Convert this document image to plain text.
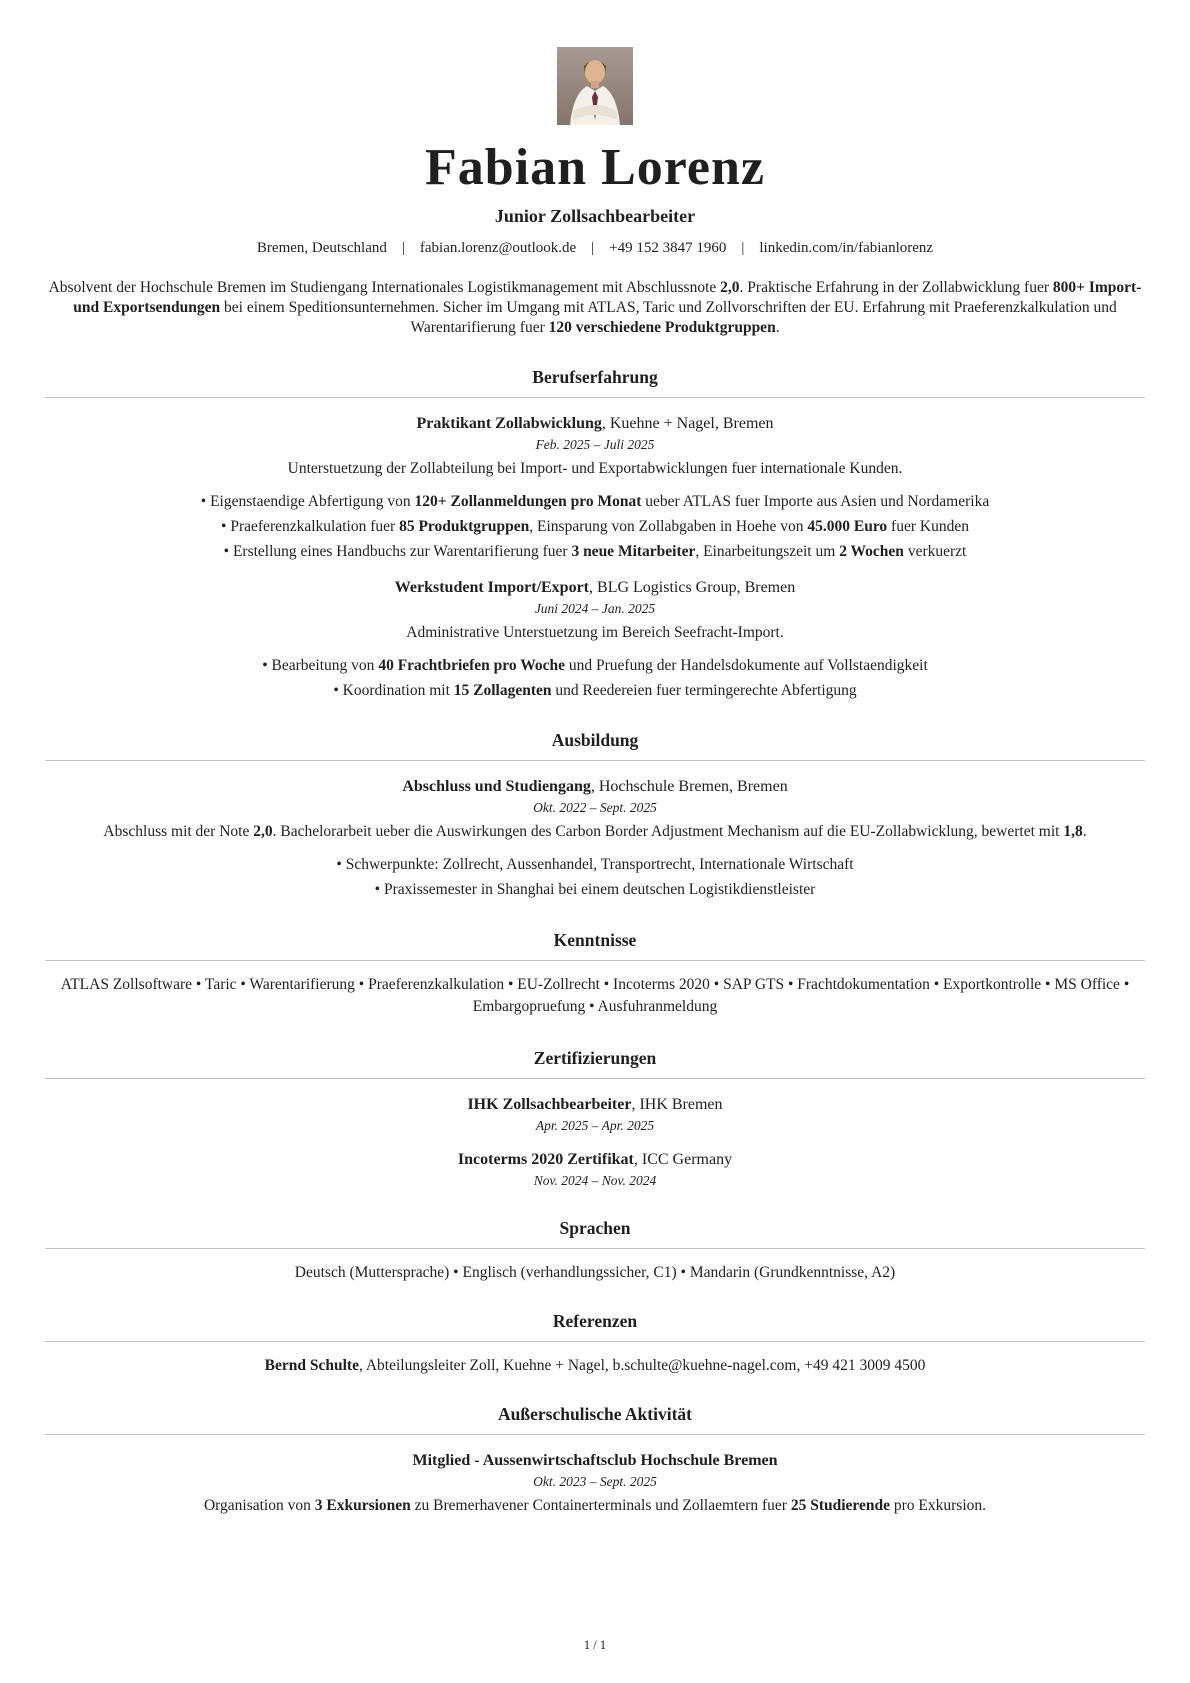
Fabian Lorenz
Junior Zollsachbearbeiter
Bremen, Deutschland | fabian.lorenz@outlook.de | +49 152 3847 1960 | linkedin.com/in/fabianlorenz

Absolvent der Hochschule Bremen im Studiengang Internationales Logistikmanagement mit Abschlussnote 2,0. Praktische Erfahrung in der Zollabwicklung fuer 800+ Import- und Exportsendungen bei einem Speditionsunternehmen. Sicher im Umgang mit ATLAS, Taric und Zollvorschriften der EU. Erfahrung mit Praeferenzkalkulation und Warentarifierung fuer 120 verschiedene Produktgruppen.

Berufserfahrung
Praktikant Zollabwicklung, Kuehne + Nagel, Bremen
Feb. 2025 – Juli 2025

Unterstuetzung der Zollabteilung bei Import- und Exportabwicklungen fuer internationale Kunden.

• Eigenstaendige Abfertigung von 120+ Zollanmeldungen pro Monat ueber ATLAS fuer Importe aus Asien und Nordamerika
• Praeferenzkalkulation fuer 85 Produktgruppen, Einsparung von Zollabgaben in Hoehe von 45.000 Euro fuer Kunden
• Erstellung eines Handbuchs zur Warentarifierung fuer 3 neue Mitarbeiter, Einarbeitungszeit um 2 Wochen verkuerzt
Werkstudent Import/Export, BLG Logistics Group, Bremen
Juni 2024 – Jan. 2025

Administrative Unterstuetzung im Bereich Seefracht-Import.

• Bearbeitung von 40 Frachtbriefen pro Woche und Pruefung der Handelsdokumente auf Vollstaendigkeit
• Koordination mit 15 Zollagenten und Reedereien fuer termingerechte Abfertigung
Ausbildung
Abschluss und Studiengang, Hochschule Bremen, Bremen
Okt. 2022 – Sept. 2025

Abschluss mit der Note 2,0. Bachelorarbeit ueber die Auswirkungen des Carbon Border Adjustment Mechanism auf die EU-Zollabwicklung, bewertet mit 1,8.

• Schwerpunkte: Zollrecht, Aussenhandel, Transportrecht, Internationale Wirtschaft
• Praxissemester in Shanghai bei einem deutschen Logistikdienstleister
Kenntnisse

ATLAS Zollsoftware • Taric • Warentarifierung • Praeferenzkalkulation • EU-Zollrecht • Incoterms 2020 • SAP GTS • Frachtdokumentation • Exportkontrolle • MS Office • Embargopruefung • Ausfuhranmeldung

Zertifizierungen
IHK Zollsachbearbeiter, IHK Bremen
Apr. 2025 – Apr. 2025
Incoterms 2020 Zertifikat, ICC Germany
Nov. 2024 – Nov. 2024
Sprachen

Deutsch (Muttersprache) • Englisch (verhandlungssicher, C1) • Mandarin (Grundkenntnisse, A2)

Referenzen

Bernd Schulte, Abteilungsleiter Zoll, Kuehne + Nagel, b.schulte@kuehne-nagel.com, +49 421 3009 4500

Außerschulische Aktivität
Mitglied - Aussenwirtschaftsclub Hochschule Bremen
Okt. 2023 – Sept. 2025

Organisation von 3 Exkursionen zu Bremerhavener Containerterminals und Zollaemtern fuer 25 Studierende pro Exkursion.

1 / 1
